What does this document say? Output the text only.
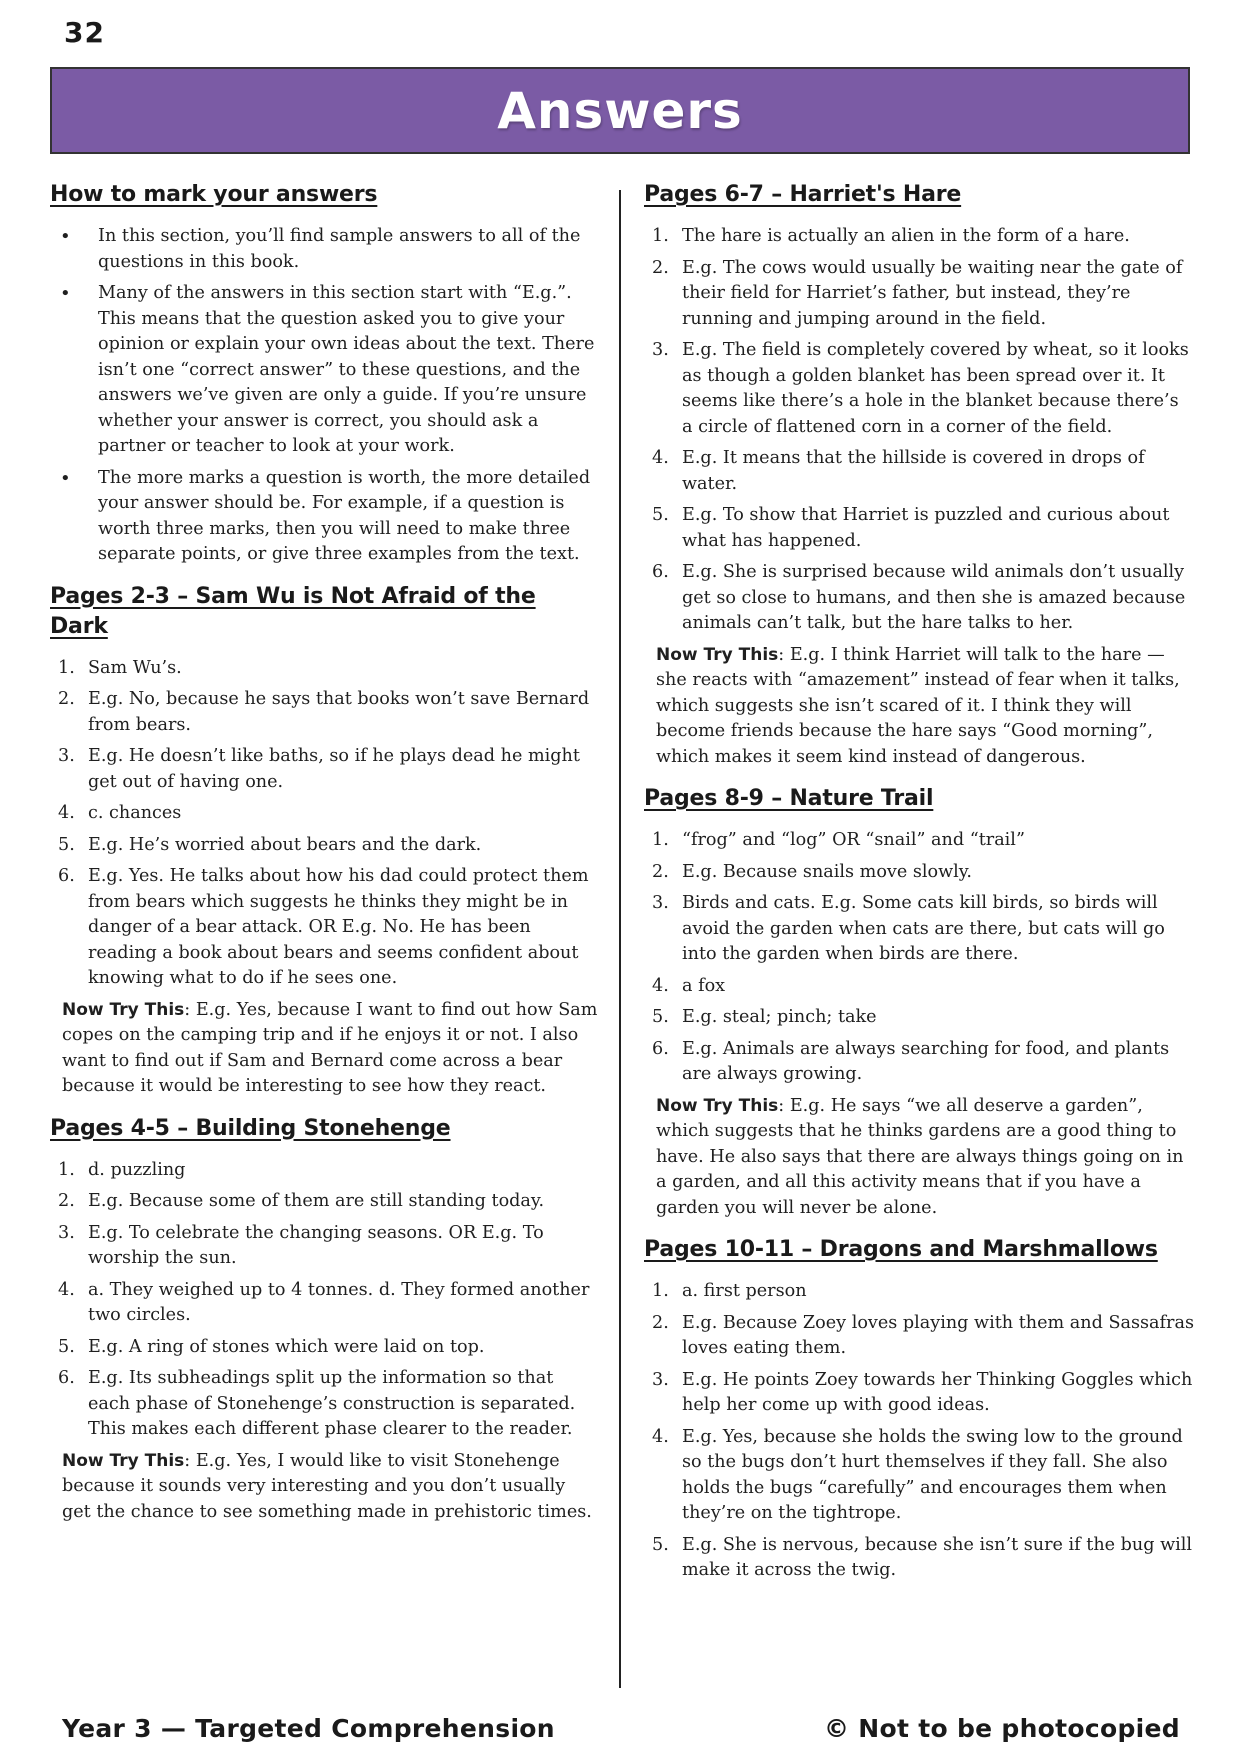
32
Answers
How to mark your answers
• In this section, you’ll find sample answers to all of the questions in this book.
• Many of the answers in this section start with “E.g.”. This means that the question asked you to give your opinion or explain your own ideas about the text. There isn’t one “correct answer” to these questions, and the answers we’ve given are only a guide. If you’re unsure whether your answer is correct, you should ask a partner or teacher to look at your work.
• The more marks a question is worth, the more detailed your answer should be. For example, if a question is worth three marks, then you will need to make three separate points, or give three examples from the text.
Pages 2-3 – Sam Wu is Not Afraid of the Dark
1. Sam Wu’s.
2. E.g. No, because he says that books won’t save Bernard from bears.
3. E.g. He doesn’t like baths, so if he plays dead he might get out of having one.
4. c. chances
5. E.g. He’s worried about bears and the dark.
6. E.g. Yes. He talks about how his dad could protect them from bears which suggests he thinks they might be in danger of a bear attack. OR E.g. No. He has been reading a book about bears and seems confident about knowing what to do if he sees one.

Now Try This: E.g. Yes, because I want to find out how Sam copes on the camping trip and if he enjoys it or not. I also want to find out if Sam and Bernard come across a bear because it would be interesting to see how they react.

Pages 4-5 – Building Stonehenge
1. d. puzzling
2. E.g. Because some of them are still standing today.
3. E.g. To celebrate the changing seasons. OR E.g. To worship the sun.
4. a. They weighed up to 4 tonnes. d. They formed another two circles.
5. E.g. A ring of stones which were laid on top.
6. E.g. Its subheadings split up the information so that each phase of Stonehenge’s construction is separated. This makes each different phase clearer to the reader.

Now Try This: E.g. Yes, I would like to visit Stonehenge because it sounds very interesting and you don’t usually get the chance to see something made in prehistoric times.

Pages 6-7 – Harriet's Hare
1. The hare is actually an alien in the form of a hare.
2. E.g. The cows would usually be waiting near the gate of their field for Harriet’s father, but instead, they’re running and jumping around in the field.
3. E.g. The field is completely covered by wheat, so it looks as though a golden blanket has been spread over it. It seems like there’s a hole in the blanket because there’s a circle of flattened corn in a corner of the field.
4. E.g. It means that the hillside is covered in drops of water.
5. E.g. To show that Harriet is puzzled and curious about what has happened.
6. E.g. She is surprised because wild animals don’t usually get so close to humans, and then she is amazed because animals can’t talk, but the hare talks to her.

Now Try This: E.g. I think Harriet will talk to the hare — she reacts with “amazement” instead of fear when it talks, which suggests she isn’t scared of it. I think they will become friends because the hare says “Good morning”, which makes it seem kind instead of dangerous.

Pages 8-9 – Nature Trail
1. “frog” and “log” OR “snail” and “trail”
2. E.g. Because snails move slowly.
3. Birds and cats. E.g. Some cats kill birds, so birds will avoid the garden when cats are there, but cats will go into the garden when birds are there.
4. a fox
5. E.g. steal; pinch; take
6. E.g. Animals are always searching for food, and plants are always growing.

Now Try This: E.g. He says “we all deserve a garden”, which suggests that he thinks gardens are a good thing to have. He also says that there are always things going on in a garden, and all this activity means that if you have a garden you will never be alone.

Pages 10-11 – Dragons and Marshmallows
1. a. first person
2. E.g. Because Zoey loves playing with them and Sassafras loves eating them.
3. E.g. He points Zoey towards her Thinking Goggles which help her come up with good ideas.
4. E.g. Yes, because she holds the swing low to the ground so the bugs don’t hurt themselves if they fall. She also holds the bugs “carefully” and encourages them when they’re on the tightrope.
5. E.g. She is nervous, because she isn’t sure if the bug will make it across the twig.
Year 3 — Targeted Comprehension	© Not to be photocopied
